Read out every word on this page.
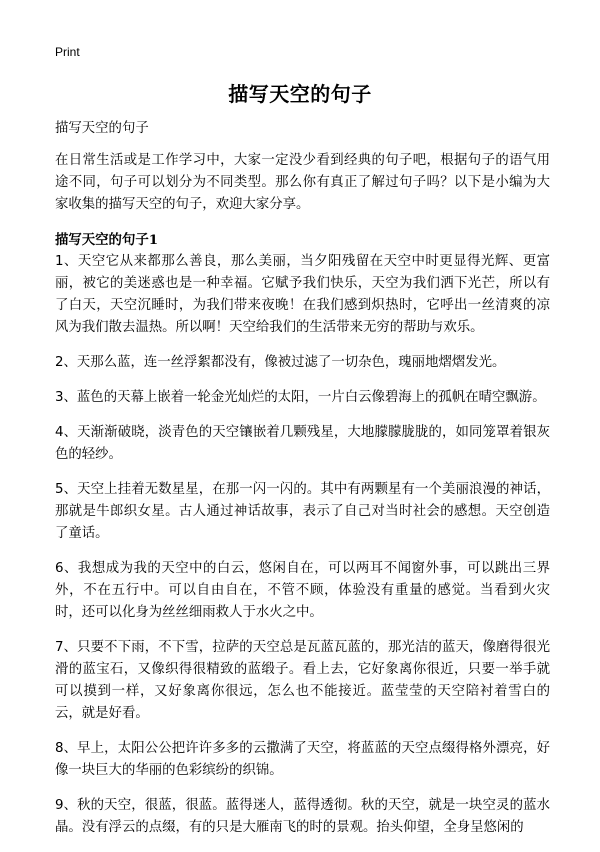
Print
描写天空的句子

描写天空的句子

在日常生活或是工作学习中，大家一定没少看到经典的句子吧，根据句子的语气用途不同，句子可以划分为不同类型。那么你有真正了解过句子吗？以下是小编为大家收集的描写天空的句子，欢迎大家分享。

描写天空的句子1

1、天空它从来都那么善良，那么美丽，当夕阳残留在天空中时更显得光辉、更富丽，被它的美迷惑也是一种幸福。它赋予我们快乐，天空为我们洒下光芒，所以有了白天，天空沉睡时，为我们带来夜晚！在我们感到炽热时，它呼出一丝清爽的凉风为我们散去温热。所以啊！天空给我们的生活带来无穷的帮助与欢乐。

2、天那么蓝，连一丝浮絮都没有，像被过滤了一切杂色，瑰丽地熠熠发光。

3、蓝色的天幕上嵌着一轮金光灿烂的太阳，一片白云像碧海上的孤帆在晴空飘游。

4、天渐渐破晓，淡青色的天空镶嵌着几颗残星，大地朦朦胧胧的，如同笼罩着银灰色的轻纱。

5、天空上挂着无数星星，在那一闪一闪的。其中有两颗星有一个美丽浪漫的神话，那就是牛郎织女星。古人通过神话故事，表示了自己对当时社会的感想。天空创造了童话。

6、我想成为我的天空中的白云，悠闲自在，可以两耳不闻窗外事，可以跳出三界外，不在五行中。可以自由自在，不管不顾，体验没有重量的感觉。当看到火灾时，还可以化身为丝丝细雨救人于水火之中。

7、只要不下雨，不下雪，拉萨的天空总是瓦蓝瓦蓝的，那光洁的蓝天，像磨得很光滑的蓝宝石，又像织得很精致的蓝缎子。看上去，它好象离你很近，只要一举手就可以摸到一样，又好象离你很远，怎么也不能接近。蓝莹莹的天空陪衬着雪白的云，就是好看。

8、早上，太阳公公把许许多多的云撒满了天空，将蓝蓝的天空点缀得格外漂亮，好像一块巨大的华丽的色彩缤纷的织锦。

9、秋的天空，很蓝，很蓝。蓝得迷人，蓝得透彻。秋的天空，就是一块空灵的蓝水晶。没有浮云的点缀，有的只是大雁南飞的时的景观。抬头仰望，全身呈悠闲的
